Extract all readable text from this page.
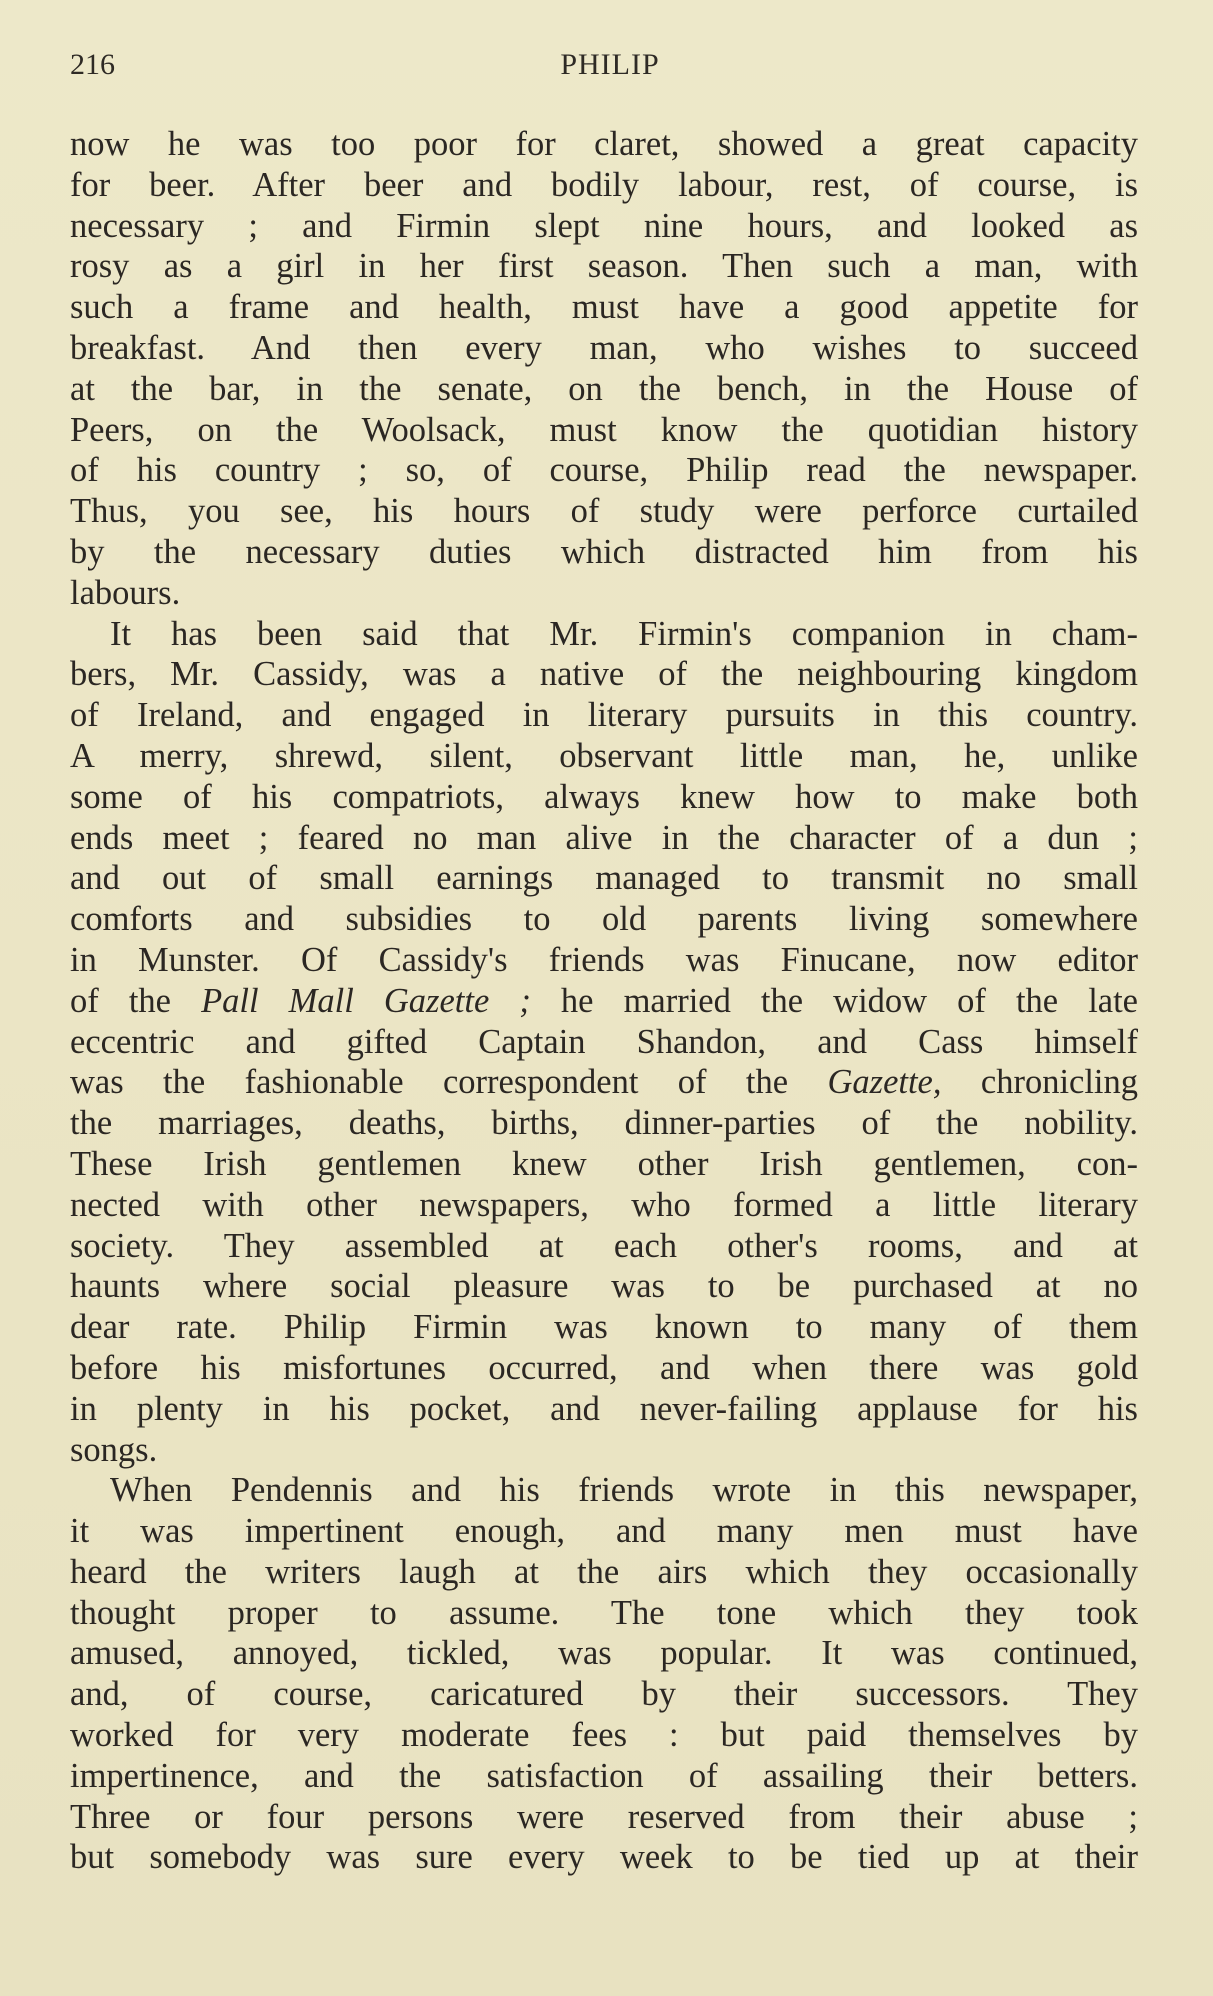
216	PHILIP
now he was too poor for claret, showed a great capacity
for beer. After beer and bodily labour, rest, of course, is
necessary ; and Firmin slept nine hours, and looked as
rosy as a girl in her first season. Then such a man, with
such a frame and health, must have a good appetite for
breakfast. And then every man, who wishes to succeed
at the bar, in the senate, on the bench, in the House of
Peers, on the Woolsack, must know the quotidian history
of his country ; so, of course, Philip read the newspaper.
Thus, you see, his hours of study were perforce curtailed
by the necessary duties which distracted him from his
labours.
It has been said that Mr. Firmin's companion in cham-
bers, Mr. Cassidy, was a native of the neighbouring kingdom
of Ireland, and engaged in literary pursuits in this country.
A merry, shrewd, silent, observant little man, he, unlike
some of his compatriots, always knew how to make both
ends meet ; feared no man alive in the character of a dun ;
and out of small earnings managed to transmit no small
comforts and subsidies to old parents living somewhere
in Munster. Of Cassidy's friends was Finucane, now editor
of the Pall Mall Gazette ; he married the widow of the late
eccentric and gifted Captain Shandon, and Cass himself
was the fashionable correspondent of the Gazette, chronicling
the marriages, deaths, births, dinner-parties of the nobility.
These Irish gentlemen knew other Irish gentlemen, con-
nected with other newspapers, who formed a little literary
society. They assembled at each other's rooms, and at
haunts where social pleasure was to be purchased at no
dear rate. Philip Firmin was known to many of them
before his misfortunes occurred, and when there was gold
in plenty in his pocket, and never-failing applause for his
songs.
When Pendennis and his friends wrote in this newspaper,
it was impertinent enough, and many men must have
heard the writers laugh at the airs which they occasionally
thought proper to assume. The tone which they took
amused, annoyed, tickled, was popular. It was continued,
and, of course, caricatured by their successors. They
worked for very moderate fees : but paid themselves by
impertinence, and the satisfaction of assailing their betters.
Three or four persons were reserved from their abuse ;
but somebody was sure every week to be tied up at their
